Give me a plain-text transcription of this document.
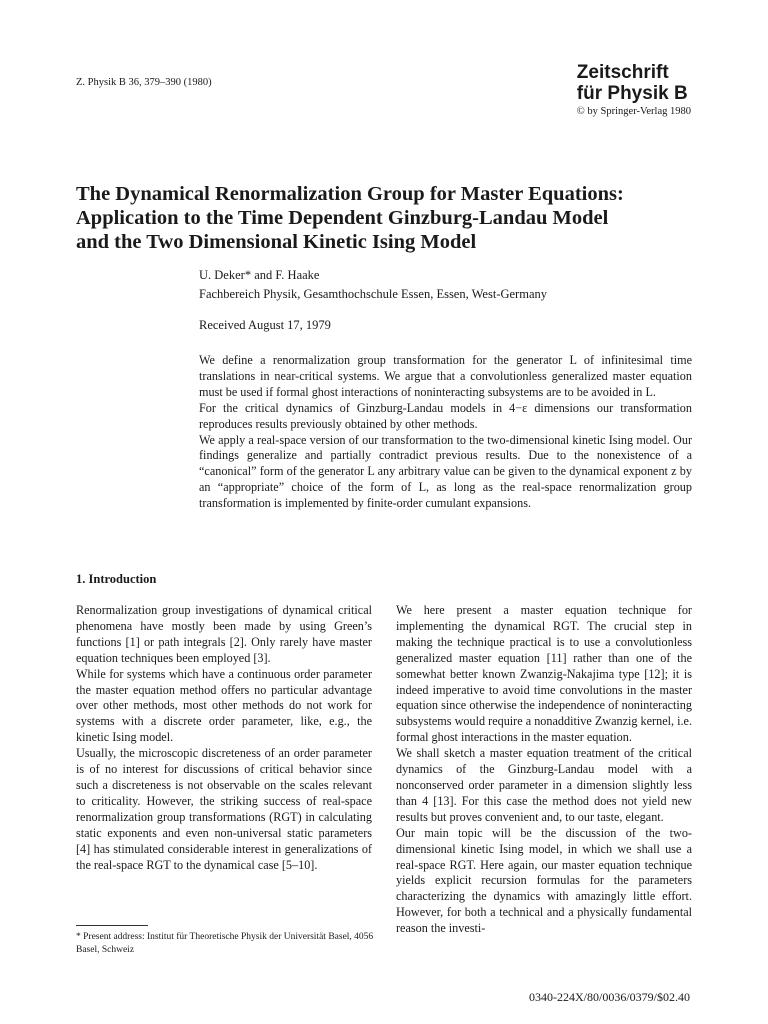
Z. Physik B 36, 379–390 (1980)	Zeitschrift
für Physik B
© by Springer-Verlag 1980
The Dynamical Renormalization Group for Master Equations:
Application to the Time Dependent Ginzburg-Landau Model
and the Two Dimensional Kinetic Ising Model
U. Deker* and F. Haake
Fachbereich Physik, Gesamthochschule Essen, Essen, West-Germany
Received August 17, 1979

We define a renormalization group transformation for the generator L of infinitesimal time translations in near-critical systems. We argue that a convolutionless generalized master equation must be used if formal ghost interactions of noninteracting subsystems are to be avoided in L.

For the critical dynamics of Ginzburg-Landau models in 4−ε dimensions our transformation reproduces results previously obtained by other methods.

We apply a real-space version of our transformation to the two-dimensional kinetic Ising model. Our findings generalize and partially contradict previous results. Due to the nonexistence of a “canonical” form of the generator L any arbitrary value can be given to the dynamical exponent z by an “appropriate” choice of the form of L, as long as the real-space renormalization group transformation is implemented by finite-order cumulant expansions.

1. Introduction

Renormalization group investigations of dynamical critical phenomena have mostly been made by using Green’s functions [1] or path integrals [2]. Only rarely have master equation techniques been employed [3].

While for systems which have a continuous order parameter the master equation method offers no particular advantage over other methods, most other methods do not work for systems with a discrete order parameter, like, e.g., the kinetic Ising model.

Usually, the microscopic discreteness of an order parameter is of no interest for discussions of critical behavior since such a discreteness is not observable on the scales relevant to criticality. However, the striking success of real-space renormalization group transformations (RGT) in calculating static exponents and even non-universal static parameters [4] has stimulated considerable interest in generalizations of the real-space RGT to the dynamical case [5–10].

We here present a master equation technique for implementing the dynamical RGT. The crucial step in making the technique practical is to use a convolutionless generalized master equation [11] rather than one of the somewhat better known Zwanzig-Nakajima type [12]; it is indeed imperative to avoid time convolutions in the master equation since otherwise the independence of noninteracting subsystems would require a nonadditive Zwanzig kernel, i.e. formal ghost interactions in the master equation.

We shall sketch a master equation treatment of the critical dynamics of the Ginzburg-Landau model with a nonconserved order parameter in a dimension slightly less than 4 [13]. For this case the method does not yield new results but proves convenient and, to our taste, elegant.

Our main topic will be the discussion of the two-dimensional kinetic Ising model, in which we shall use a real-space RGT. Here again, our master equation technique yields explicit recursion formulas for the parameters characterizing the dynamics with amazingly little effort. However, for both a technical and a physically fundamental reason the investi-

* Present address: Institut für Theoretische Physik der Universität Basel, 4056 Basel, Schweiz
0340-224X/80/0036/0379/$02.40
